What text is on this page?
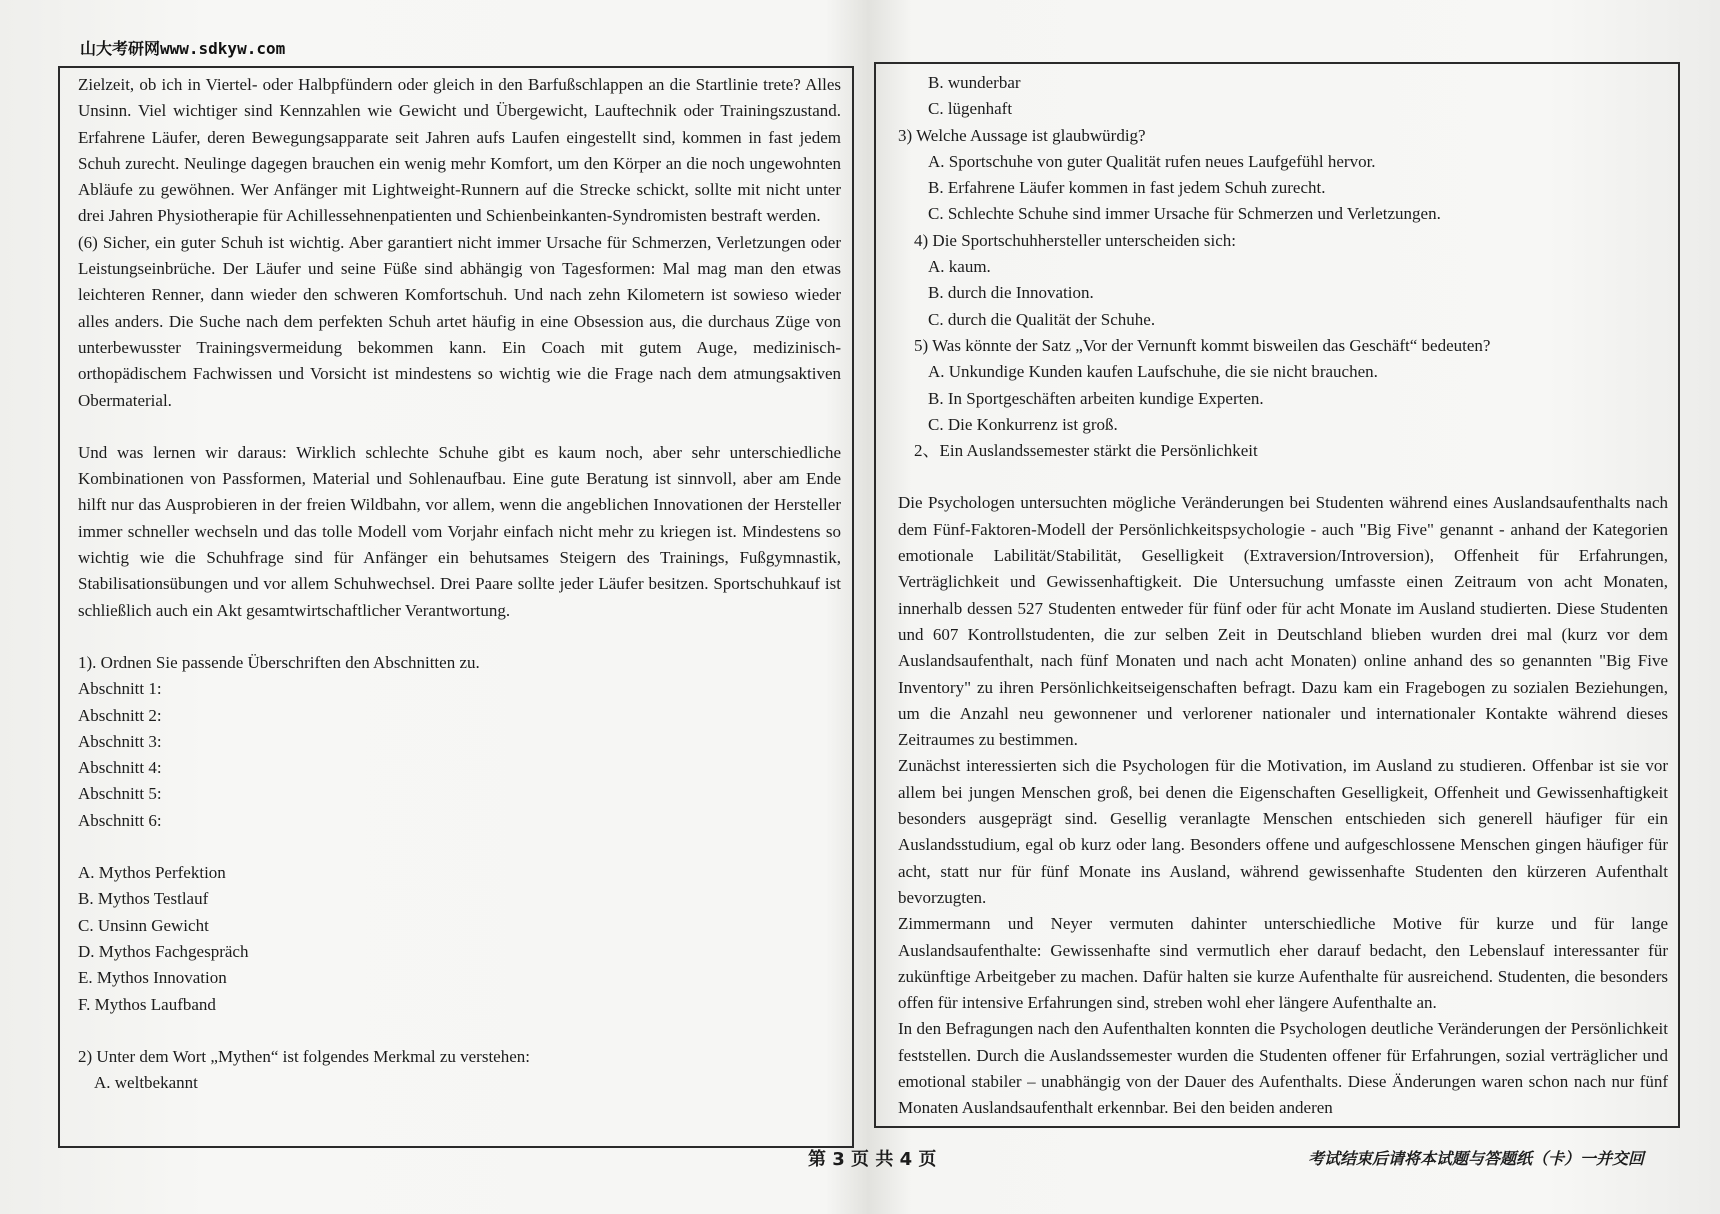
山大考研网www.sdkyw.com

Zielzeit, ob ich in Viertel- oder Halbpfündern oder gleich in den Barfußschlappen an die Startlinie trete? Alles Unsinn. Viel wichtiger sind Kennzahlen wie Gewicht und Übergewicht, Lauftechnik oder Trainingszustand. Erfahrene Läufer, deren Bewegungsapparate seit Jahren aufs Laufen eingestellt sind, kommen in fast jedem Schuh zurecht. Neulinge dagegen brauchen ein wenig mehr Komfort, um den Körper an die noch ungewohnten Abläufe zu gewöhnen. Wer Anfänger mit Lightweight-Runnern auf die Strecke schickt, sollte mit nicht unter drei Jahren Physiotherapie für Achillessehnenpatienten und Schienbeinkanten-Syndromisten bestraft werden.

(6) Sicher, ein guter Schuh ist wichtig. Aber garantiert nicht immer Ursache für Schmerzen, Verletzungen oder Leistungseinbrüche. Der Läufer und seine Füße sind abhängig von Tagesformen: Mal mag man den etwas leichteren Renner, dann wieder den schweren Komfortschuh. Und nach zehn Kilometern ist sowieso wieder alles anders. Die Suche nach dem perfekten Schuh artet häufig in eine Obsession aus, die durchaus Züge von unterbewusster Trainingsvermeidung bekommen kann. Ein Coach mit gutem Auge, medizinisch-orthopädischem Fachwissen und Vorsicht ist mindestens so wichtig wie die Frage nach dem atmungsaktiven Obermaterial.

Und was lernen wir daraus: Wirklich schlechte Schuhe gibt es kaum noch, aber sehr unterschiedliche Kombinationen von Passformen, Material und Sohlenaufbau. Eine gute Beratung ist sinnvoll, aber am Ende hilft nur das Ausprobieren in der freien Wildbahn, vor allem, wenn die angeblichen Innovationen der Hersteller immer schneller wechseln und das tolle Modell vom Vorjahr einfach nicht mehr zu kriegen ist. Mindestens so wichtig wie die Schuhfrage sind für Anfänger ein behutsames Steigern des Trainings, Fußgymnastik, Stabilisationsübungen und vor allem Schuhwechsel. Drei Paare sollte jeder Läufer besitzen. Sportschuhkauf ist schließlich auch ein Akt gesamtwirtschaftlicher Verantwortung.

1). Ordnen Sie passende Überschriften den Abschnitten zu.

Abschnitt 1:

Abschnitt 2:

Abschnitt 3:

Abschnitt 4:

Abschnitt 5:

Abschnitt 6:

A. Mythos Perfektion

B. Mythos Testlauf

C. Unsinn Gewicht

D. Mythos Fachgespräch

E. Mythos Innovation

F. Mythos Laufband

2) Unter dem Wort „Mythen“ ist folgendes Merkmal zu verstehen:

A. weltbekannt

B. wunderbar

C. lügenhaft

3) Welche Aussage ist glaubwürdig?

A. Sportschuhe von guter Qualität rufen neues Laufgefühl hervor.

B. Erfahrene Läufer kommen in fast jedem Schuh zurecht.

C. Schlechte Schuhe sind immer Ursache für Schmerzen und Verletzungen.

4) Die Sportschuhhersteller unterscheiden sich:

A. kaum.

B. durch die Innovation.

C. durch die Qualität der Schuhe.

5) Was könnte der Satz „Vor der Vernunft kommt bisweilen das Geschäft“ bedeuten?

A. Unkundige Kunden kaufen Laufschuhe, die sie nicht brauchen.

B. In Sportgeschäften arbeiten kundige Experten.

C. Die Konkurrenz ist groß.

2、Ein Auslandssemester stärkt die Persönlichkeit

Die Psychologen untersuchten mögliche Veränderungen bei Studenten während eines Auslandsaufenthalts nach dem Fünf-Faktoren-Modell der Persönlichkeitspsychologie - auch "Big Five" genannt - anhand der Kategorien emotionale Labilität/Stabilität, Geselligkeit (Extraversion/Introversion), Offenheit für Erfahrungen, Verträglichkeit und Gewissenhaftigkeit. Die Untersuchung umfasste einen Zeitraum von acht Monaten, innerhalb dessen 527 Studenten entweder für fünf oder für acht Monate im Ausland studierten. Diese Studenten und 607 Kontrollstudenten, die zur selben Zeit in Deutschland blieben wurden drei mal (kurz vor dem Auslandsaufenthalt, nach fünf Monaten und nach acht Monaten) online anhand des so genannten "Big Five Inventory" zu ihren Persönlichkeitseigenschaften befragt. Dazu kam ein Fragebogen zu sozialen Beziehungen, um die Anzahl neu gewonnener und verlorener nationaler und internationaler Kontakte während dieses Zeitraumes zu bestimmen.

Zunächst interessierten sich die Psychologen für die Motivation, im Ausland zu studieren. Offenbar ist sie vor allem bei jungen Menschen groß, bei denen die Eigenschaften Geselligkeit, Offenheit und Gewissenhaftigkeit besonders ausgeprägt sind. Gesellig veranlagte Menschen entschieden sich generell häufiger für ein Auslandsstudium, egal ob kurz oder lang. Besonders offene und aufgeschlossene Menschen gingen häufiger für acht, statt nur für fünf Monate ins Ausland, während gewissenhafte Studenten den kürzeren Aufenthalt bevorzugten.

Zimmermann und Neyer vermuten dahinter unterschiedliche Motive für kurze und für lange Auslandsaufenthalte: Gewissenhafte sind vermutlich eher darauf bedacht, den Lebenslauf interessanter für zukünftige Arbeitgeber zu machen. Dafür halten sie kurze Aufenthalte für ausreichend. Studenten, die besonders offen für intensive Erfahrungen sind, streben wohl eher längere Aufenthalte an.

In den Befragungen nach den Aufenthalten konnten die Psychologen deutliche Veränderungen der Persönlichkeit feststellen. Durch die Auslandssemester wurden die Studenten offener für Erfahrungen, sozial verträglicher und emotional stabiler – unabhängig von der Dauer des Aufenthalts. Diese Änderungen waren schon nach nur fünf Monaten Auslandsaufenthalt erkennbar. Bei den beiden anderen

第 3 页 共 4 页	考试结束后请将本试题与答题纸（卡）一并交回
